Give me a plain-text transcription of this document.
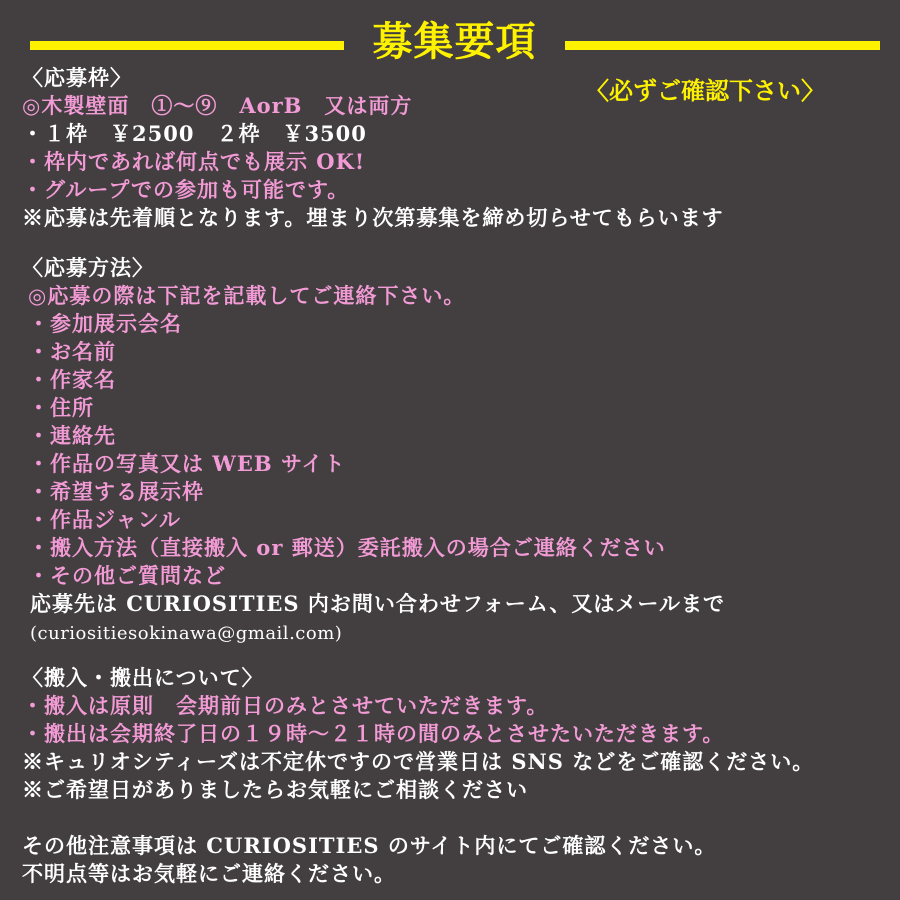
募集要項
〈必ずご確認下さい〉
〈応募枠〉
◎木製壁面　①〜⑨　AorB　又は両方
・１枠　￥2500　２枠　￥3500
・枠内であれば何点でも展示 OK!
・グループでの参加も可能です。
※応募は先着順となります。埋まり次第募集を締め切らせてもらいます
〈応募方法〉
◎応募の際は下記を記載してご連絡下さい。
・参加展示会名
・お名前
・作家名
・住所
・連絡先
・作品の写真又は WEB サイト
・希望する展示枠
・作品ジャンル
・搬入方法（直接搬入 or 郵送）委託搬入の場合ご連絡ください
・その他ご質問など
応募先は CURIOSITIES 内お問い合わせフォーム、又はメールまで
(curiositiesokinawa@gmail.com)
〈搬入・搬出について〉
・搬入は原則　会期前日のみとさせていただきます。
・搬出は会期終了日の１９時〜２１時の間のみとさせたいただきます。
※キュリオシティーズは不定休ですので営業日は SNS などをご確認ください。
※ご希望日がありましたらお気軽にご相談ください
その他注意事項は CURIOSITIES のサイト内にてご確認ください。
不明点等はお気軽にご連絡ください。
